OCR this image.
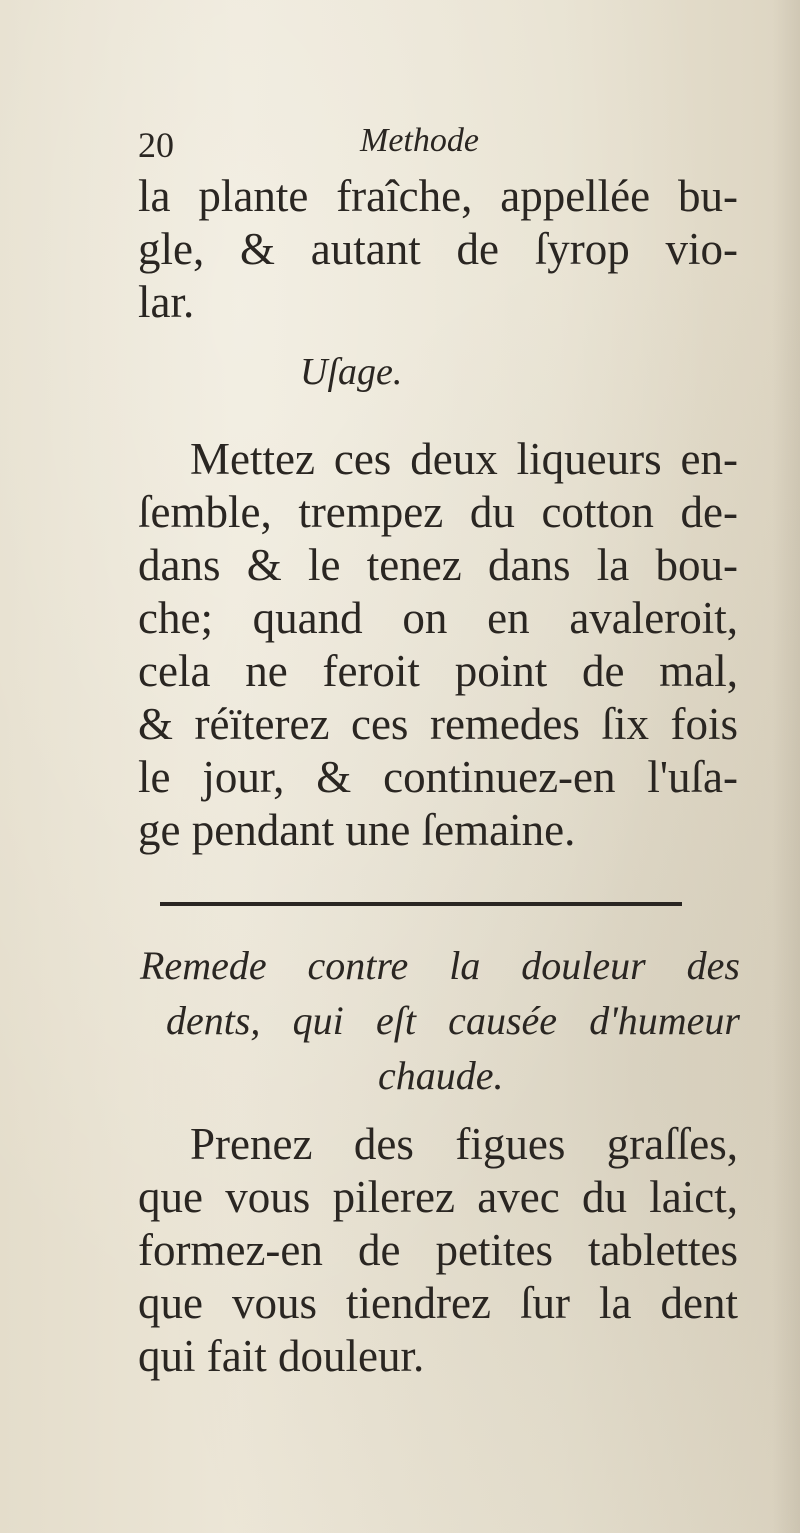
20	Methode
la plante fraîche, appellée bu-
gle, & autant de ſyrop vio-
lar.
Uſage.
Mettez ces deux liqueurs en-
ſemble, trempez du cotton de-
dans & le tenez dans la bou-
che; quand on en avaleroit,
cela ne feroit point de mal,
& réïterez ces remedes ſix fois
le jour, & continuez-en l'uſa-
ge pendant une ſemaine.
Remede contre la douleur des
dents, qui eſt causée d'humeur
chaude.
Prenez des figues graſſes,
que vous pilerez avec du laict,
formez-en de petites tablettes
que vous tiendrez ſur la dent
qui fait douleur.
